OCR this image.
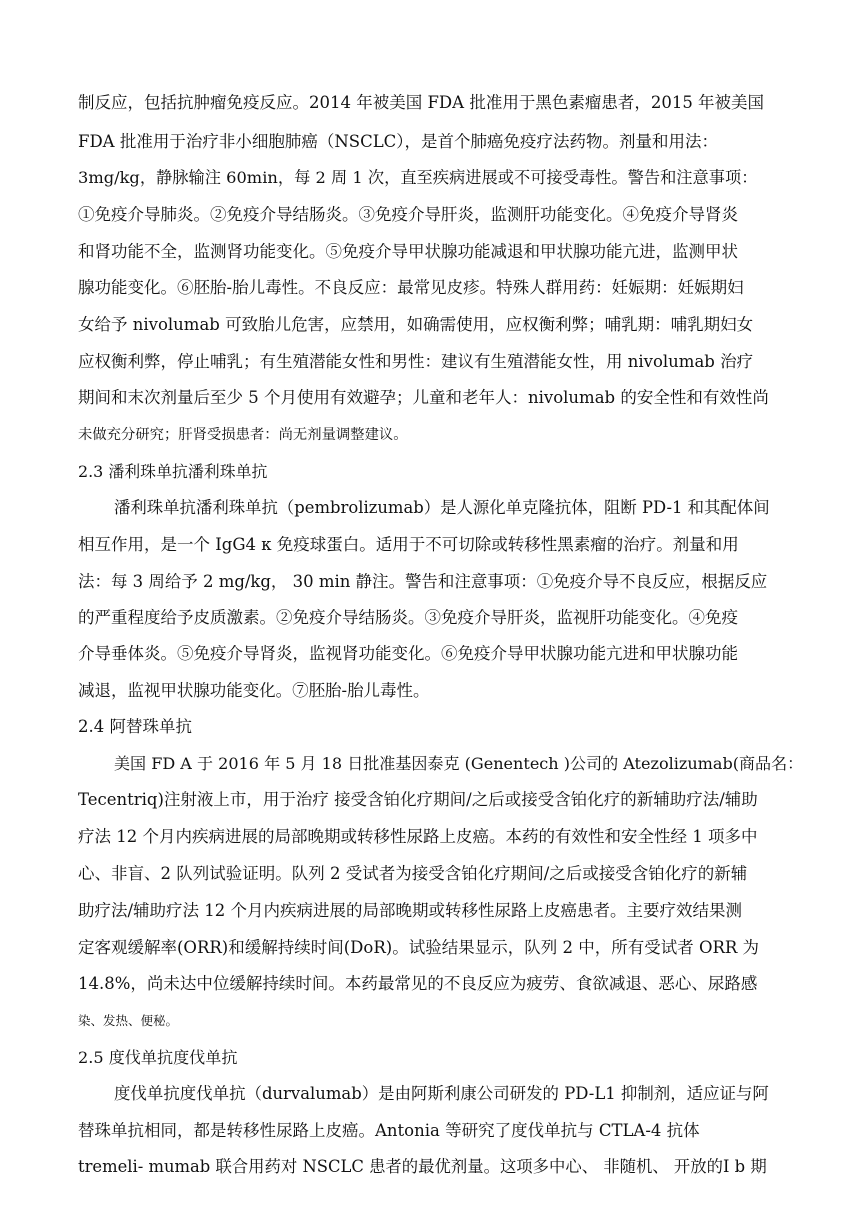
制反应，包括抗肿瘤免疫反应。2014 年被美国 FDA 批准用于黑色素瘤患者，2015 年被美国
FDA 批准用于治疗非小细胞肺癌（NSCLC），是首个肺癌免疫疗法药物。剂量和用法：
3mg/kg，静脉输注 60min，每 2 周 1 次，直至疾病进展或不可接受毒性。警告和注意事项：
①免疫介导肺炎。②免疫介导结肠炎。③免疫介导肝炎，监测肝功能变化。④免疫介导肾炎
和肾功能不全，监测肾功能变化。⑤免疫介导甲状腺功能减退和甲状腺功能亢进，监测甲状
腺功能变化。⑥胚胎-胎儿毒性。不良反应：最常见皮疹。特殊人群用药：妊娠期：妊娠期妇
女给予 nivolumab 可致胎儿危害，应禁用，如确需使用，应权衡利弊；哺乳期：哺乳期妇女
应权衡利弊，停止哺乳；有生殖潜能女性和男性：建议有生殖潜能女性，用 nivolumab 治疗
期间和末次剂量后至少 5 个月使用有效避孕；儿童和老年人：nivolumab 的安全性和有效性尚
未做充分研究；肝肾受损患者：尚无剂量调整建议。
2.3 潘利珠单抗潘利珠单抗
潘利珠单抗潘利珠单抗（pembrolizumab）是人源化单克隆抗体，阻断 PD-1 和其配体间
相互作用，是一个 IgG4 κ 免疫球蛋白。适用于不可切除或转移性黑素瘤的治疗。剂量和用
法：每 3 周给予 2 mg/kg， 30 min 静注。警告和注意事项：①免疫介导不良反应，根据反应
的严重程度给予皮质激素。②免疫介导结肠炎。③免疫介导肝炎，监视肝功能变化。④免疫
介导垂体炎。⑤免疫介导肾炎，监视肾功能变化。⑥免疫介导甲状腺功能亢进和甲状腺功能
减退，监视甲状腺功能变化。⑦胚胎-胎儿毒性。
2.4 阿替珠单抗
美国 FD A 于 2016 年 5 月 18 日批准基因泰克 (Genentech )公司的 Atezolizumab(商品名：
Tecentriq)注射液上市，用于治疗 接受含铂化疗期间/之后或接受含铂化疗的新辅助疗法/辅助
疗法 12 个月内疾病进展的局部晚期或转移性尿路上皮癌。本药的有效性和安全性经 1 项多中
心、非盲、2 队列试验证明。队列 2 受试者为接受含铂化疗期间/之后或接受含铂化疗的新辅
助疗法/辅助疗法 12 个月内疾病进展的局部晚期或转移性尿路上皮癌患者。主要疗效结果测
定客观缓解率(ORR)和缓解持续时间(DoR)。试验结果显示，队列 2 中，所有受试者 ORR 为
14.8%，尚未达中位缓解持续时间。本药最常见的不良反应为疲劳、食欲减退、恶心、尿路感
染、发热、便秘。
2.5 度伐单抗度伐单抗
度伐单抗度伐单抗（durvalumab）是由阿斯利康公司研发的 PD-L1 抑制剂，适应证与阿
替珠单抗相同，都是转移性尿路上皮癌。Antonia 等研究了度伐单抗与 CTLA-4 抗体
tremeli‐ mumab 联合用药对 NSCLC 患者的最优剂量。这项多中心、 非随机、 开放的Ⅰ b 期
